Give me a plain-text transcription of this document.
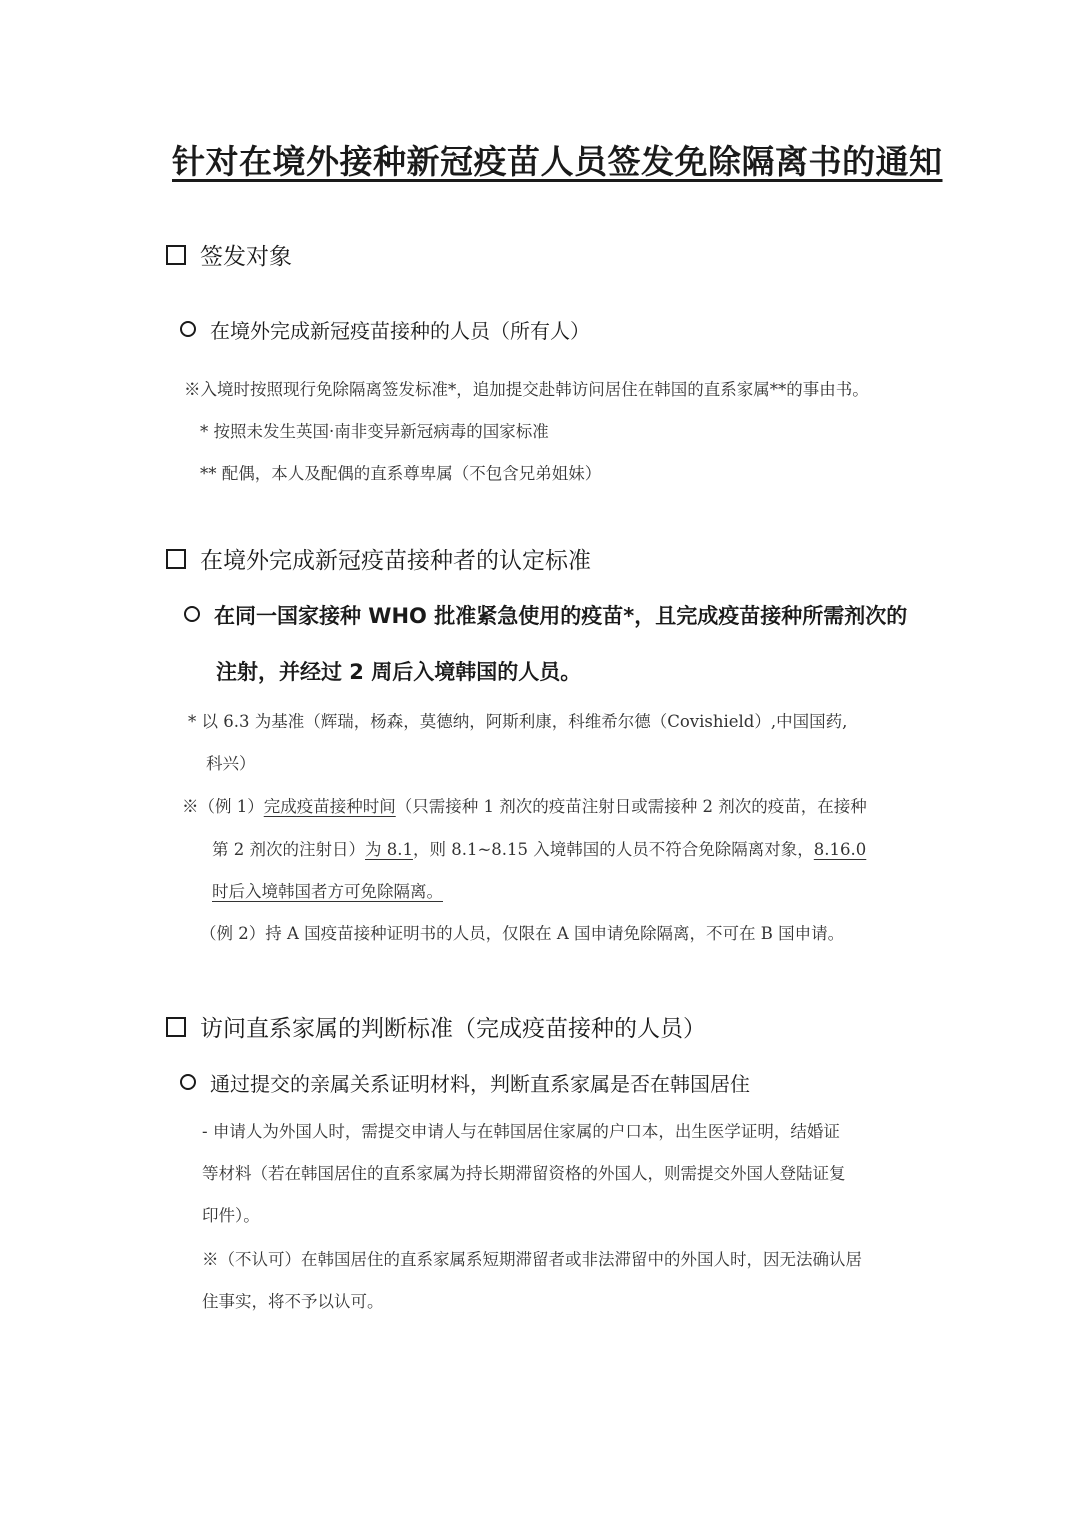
针对在境外接种新冠疫苗人员签发免除隔离书的通知
签发对象
在境外完成新冠疫苗接种的人员（所有人）
※入境时按照现行免除隔离签发标准*，追加提交赴韩访问居住在韩国的直系家属**的事由书。
* 按照未发生英国·南非变异新冠病毒的国家标准
** 配偶，本人及配偶的直系尊卑属（不包含兄弟姐妹）
在境外完成新冠疫苗接种者的认定标准
在同一国家接种 WHO 批准紧急使用的疫苗*，且完成疫苗接种所需剂次的
注射，并经过 2 周后入境韩国的人员。
* 以 6.3 为基准（辉瑞，杨森，莫德纳，阿斯利康，科维希尔德（Covishield）,中国国药,
科兴）
※（例 1）完成疫苗接种时间（只需接种 1 剂次的疫苗注射日或需接种 2 剂次的疫苗，在接种
第 2 剂次的注射日）为 8.1，则 8.1~8.15 入境韩国的人员不符合免除隔离对象，8.16.0
时后入境韩国者方可免除隔离。
（例 2）持 A 国疫苗接种证明书的人员，仅限在 A 国申请免除隔离，不可在 B 国申请。
访问直系家属的判断标准（完成疫苗接种的人员）
通过提交的亲属关系证明材料，判断直系家属是否在韩国居住
- 申请人为外国人时，需提交申请人与在韩国居住家属的户口本，出生医学证明，结婚证
等材料（若在韩国居住的直系家属为持长期滞留资格的外国人，则需提交外国人登陆证复
印件）。
※（不认可）在韩国居住的直系家属系短期滞留者或非法滞留中的外国人时，因无法确认居
住事实，将不予以认可。
